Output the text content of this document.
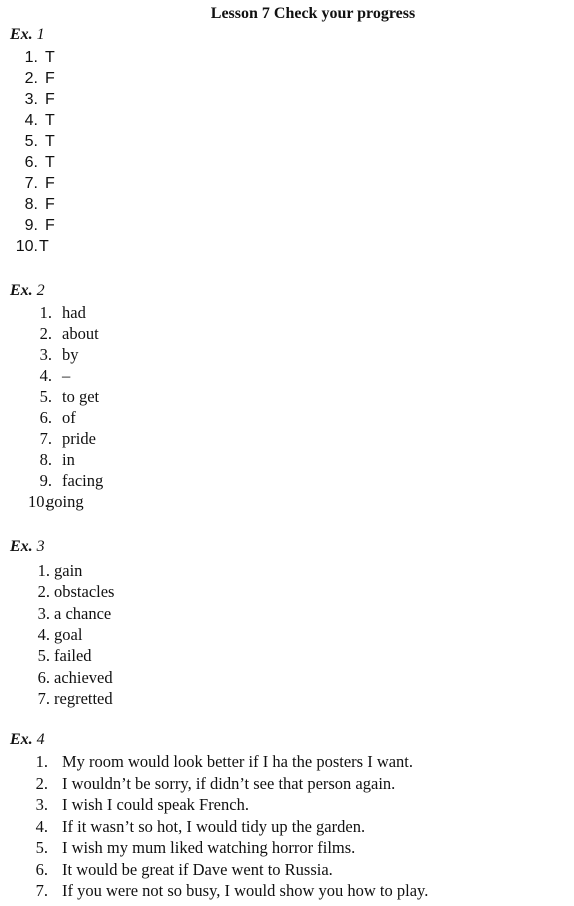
Lesson 7 Check your progress
Ex. 1
1. T
2. F
3. F
4. T
5. T
6. T
7. F
8. F
9. F
10.T
Ex. 2
1. had
2. about
3. by
4. –
5. to get
6. of
7. pride
8. in
9. facing
10.going
Ex. 3
1. gain
2. obstacles
3. a chance
4. goal
5. failed
6. achieved
7. regretted
Ex. 4
1. My room would look better if I ha the posters I want.
2. I wouldn’t be sorry, if didn’t see that person again.
3. I wish I could speak French.
4. If it wasn’t so hot, I would tidy up the garden.
5. I wish my mum liked watching horror films.
6. It would be great if Dave went to Russia.
7. If you were not so busy, I would show you how to play.
